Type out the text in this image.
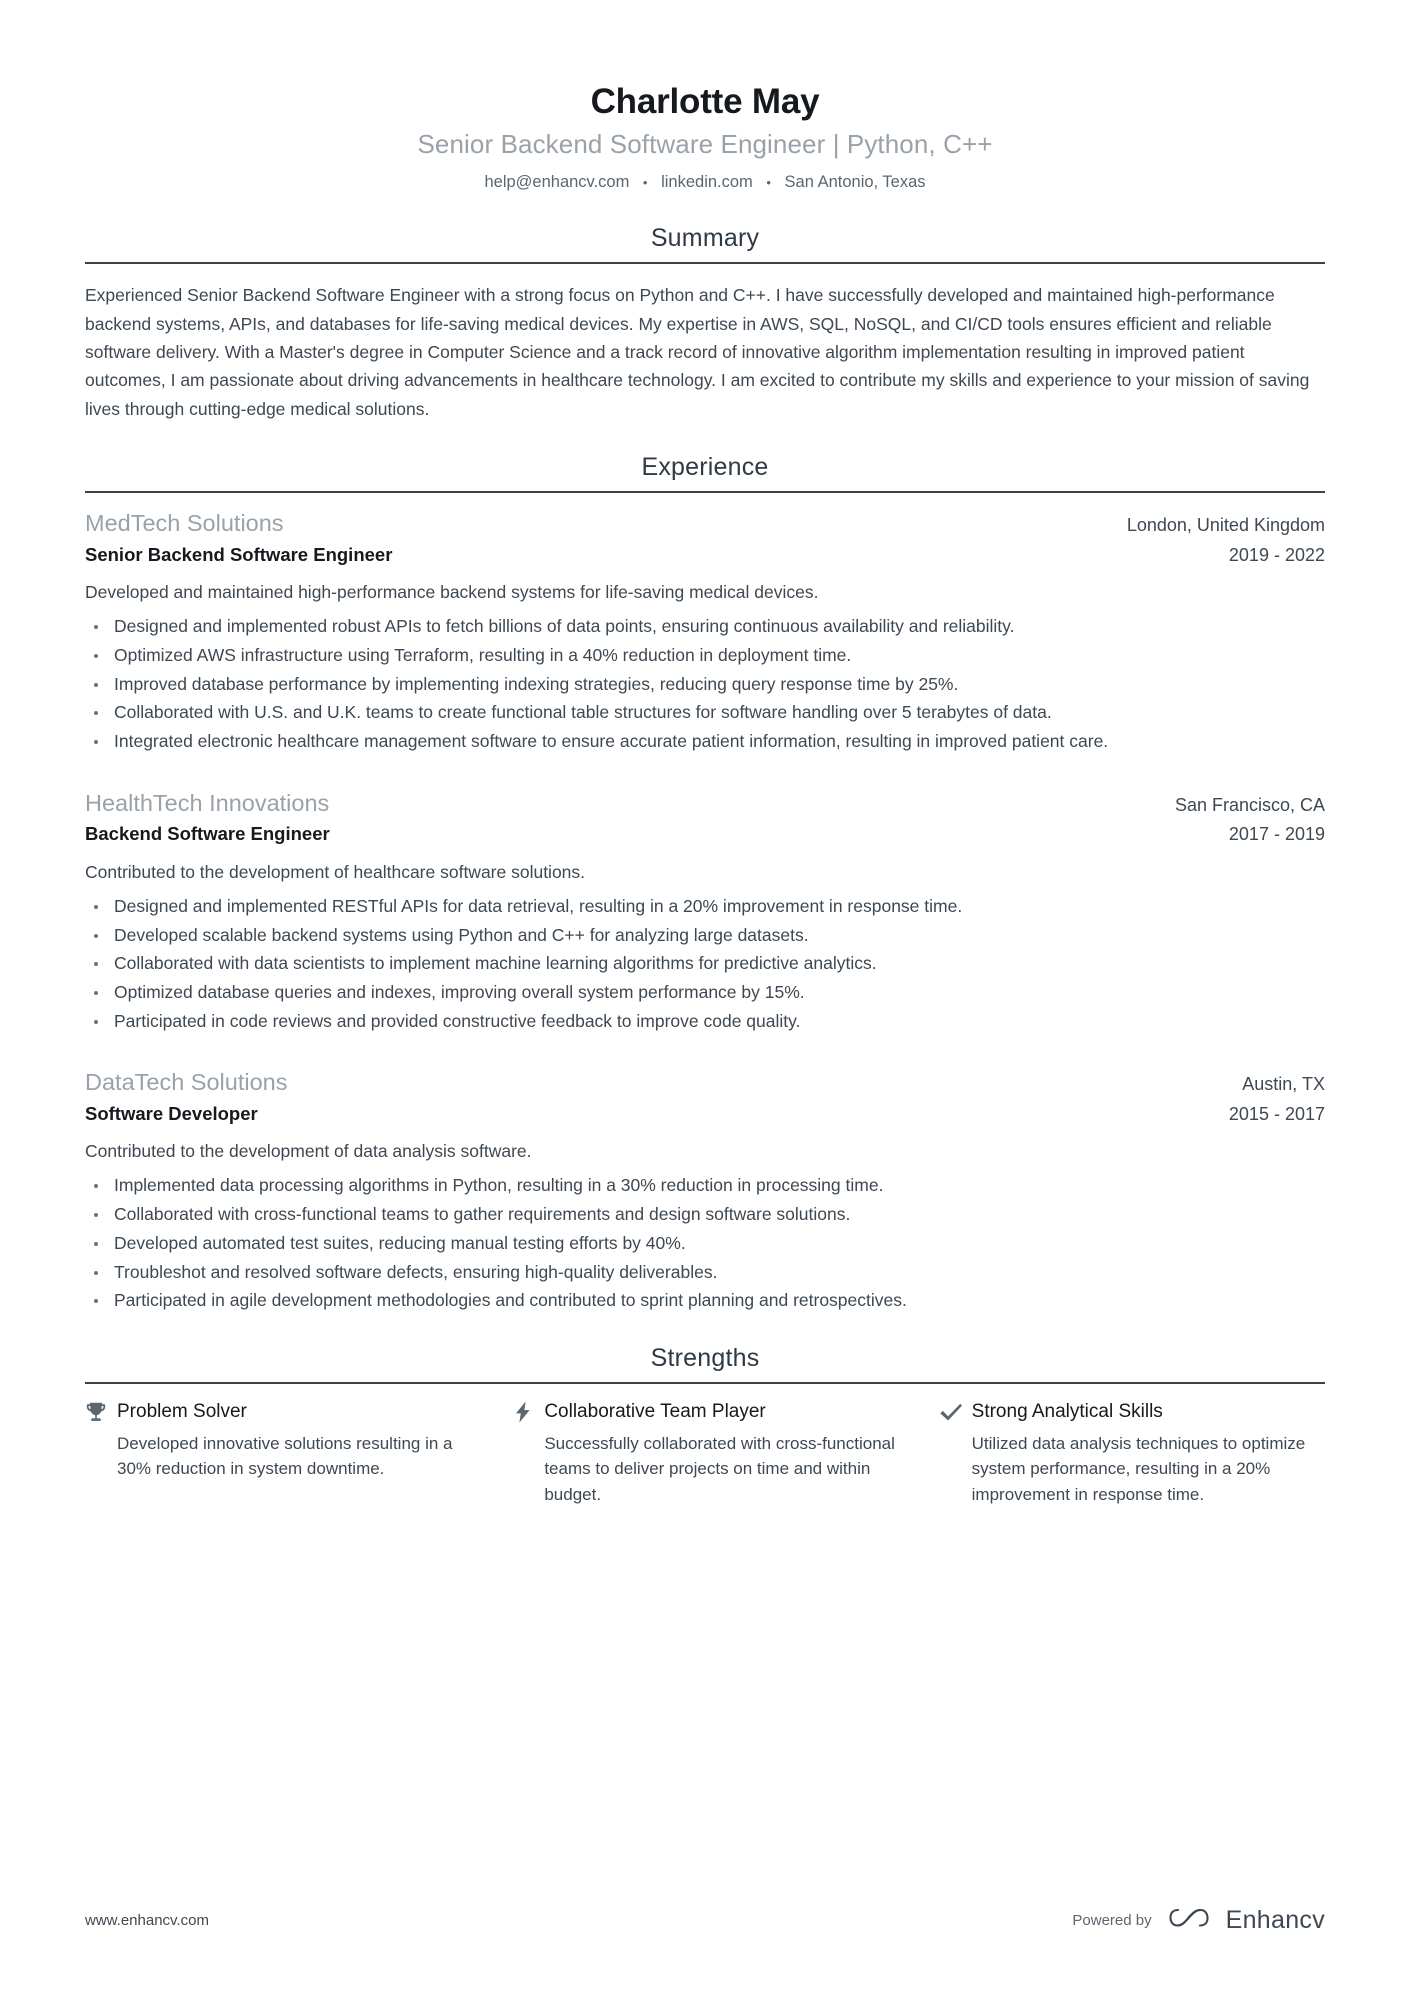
Charlotte May
Senior Backend Software Engineer | Python, C++
help@enhancv.com • linkedin.com • San Antonio, Texas
Summary

Experienced Senior Backend Software Engineer with a strong focus on Python and C++. I have successfully developed and maintained high-performance backend systems, APIs, and databases for life-saving medical devices. My expertise in AWS, SQL, NoSQL, and CI/CD tools ensures efficient and reliable software delivery. With a Master's degree in Computer Science and a track record of innovative algorithm implementation resulting in improved patient outcomes, I am passionate about driving advancements in healthcare technology. I am excited to contribute my skills and experience to your mission of saving lives through cutting-edge medical solutions.

Experience
MedTech Solutions	London, United Kingdom
Senior Backend Software Engineer	2019 - 2022
Developed and maintained high-performance backend systems for life-saving medical devices.
Designed and implemented robust APIs to fetch billions of data points, ensuring continuous availability and reliability.
Optimized AWS infrastructure using Terraform, resulting in a 40% reduction in deployment time.
Improved database performance by implementing indexing strategies, reducing query response time by 25%.
Collaborated with U.S. and U.K. teams to create functional table structures for software handling over 5 terabytes of data.
Integrated electronic healthcare management software to ensure accurate patient information, resulting in improved patient care.
HealthTech Innovations	San Francisco, CA
Backend Software Engineer	2017 - 2019
Contributed to the development of healthcare software solutions.
Designed and implemented RESTful APIs for data retrieval, resulting in a 20% improvement in response time.
Developed scalable backend systems using Python and C++ for analyzing large datasets.
Collaborated with data scientists to implement machine learning algorithms for predictive analytics.
Optimized database queries and indexes, improving overall system performance by 15%.
Participated in code reviews and provided constructive feedback to improve code quality.
DataTech Solutions	Austin, TX
Software Developer	2015 - 2017
Contributed to the development of data analysis software.
Implemented data processing algorithms in Python, resulting in a 30% reduction in processing time.
Collaborated with cross-functional teams to gather requirements and design software solutions.
Developed automated test suites, reducing manual testing efforts by 40%.
Troubleshot and resolved software defects, ensuring high-quality deliverables.
Participated in agile development methodologies and contributed to sprint planning and retrospectives.
Strengths
Problem Solver
Developed innovative solutions resulting in a 30% reduction in system downtime.
Collaborative Team Player
Successfully collaborated with cross-functional teams to deliver projects on time and within budget.
Strong Analytical Skills
Utilized data analysis techniques to optimize system performance, resulting in a 20% improvement in response time.
www.enhancv.com	Powered by	Enhancv
